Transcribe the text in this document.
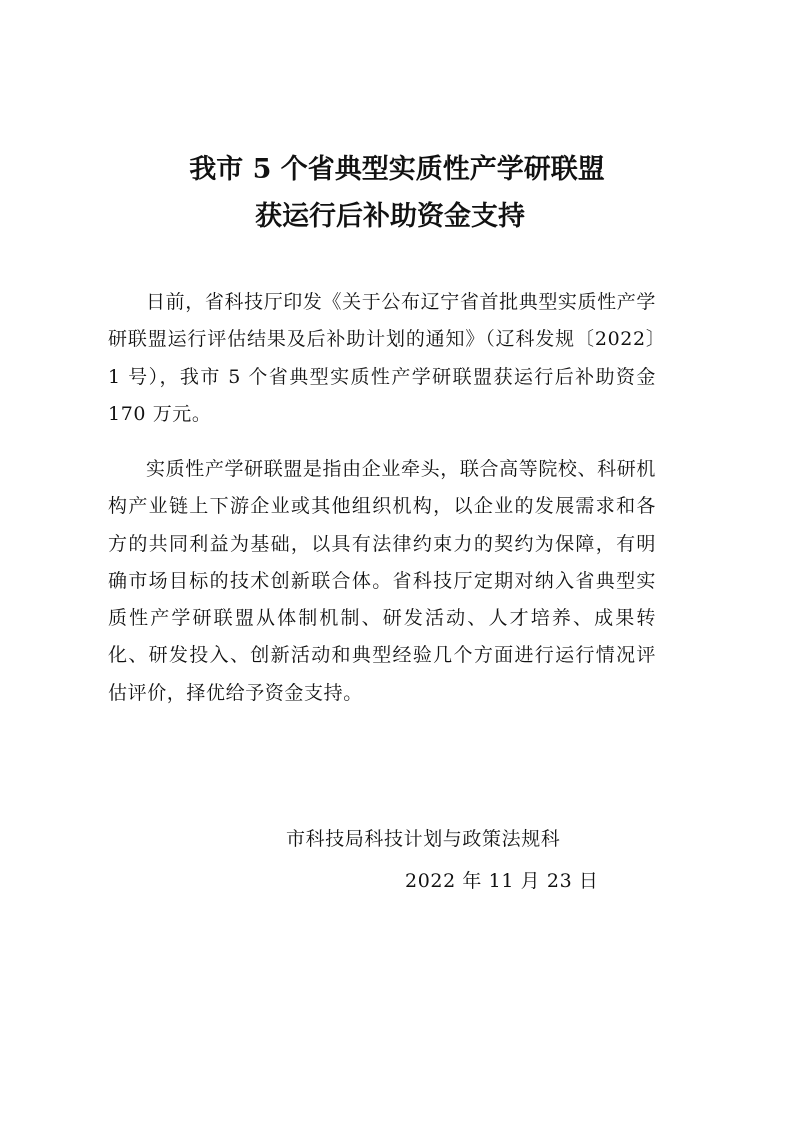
我市 5 个省典型实质性产学研联盟
获运行后补助资金支持

日前，省科技厅印发《关于公布辽宁省首批典型实质性产学研联盟运行评估结果及后补助计划的通知》（辽科发规〔2022〕1 号），我市 5 个省典型实质性产学研联盟获运行后补助资金 170 万元。

实质性产学研联盟是指由企业牵头，联合高等院校、科研机构产业链上下游企业或其他组织机构，以企业的发展需求和各方的共同利益为基础，以具有法律约束力的契约为保障，有明确市场目标的技术创新联合体。省科技厅定期对纳入省典型实质性产学研联盟从体制机制、研发活动、人才培养、成果转化、研发投入、创新活动和典型经验几个方面进行运行情况评估评价，择优给予资金支持。

市科技局科技计划与政策法规科
2022 年 11 月 23 日
